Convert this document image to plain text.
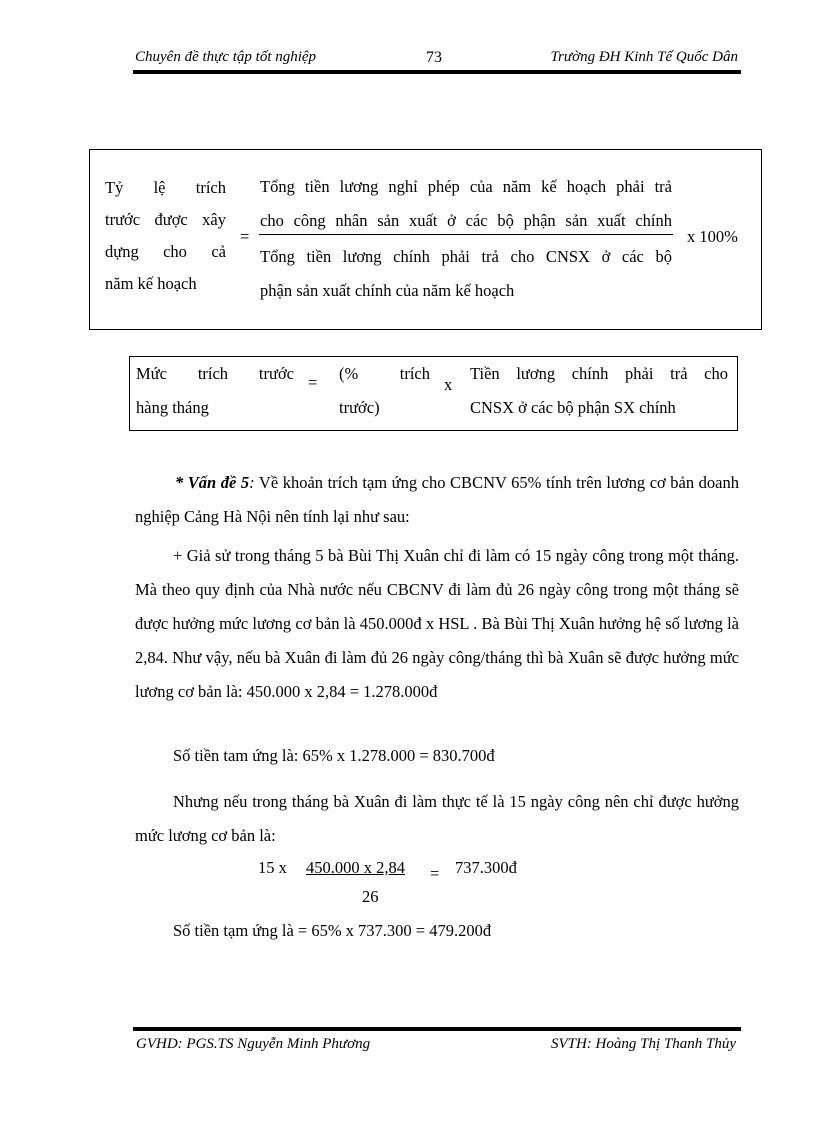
Chuyên đề thực tập tốt nghiệp	73	Trường ĐH Kinh Tế Quốc Dân
Tỷ lệ trích
trước được xây
dựng cho cả
năm kế hoạch
=
Tổng tiền lương nghỉ phép của năm kế hoạch phải trả
cho công nhân sản xuất ở các bộ phận sản xuất chính
Tổng tiền lương chính phải trả cho CNSX ở các bộ
phận sản xuất chính của năm kế hoạch
x 100%
Mức trích trước
hàng tháng
= (% trích
trước)
x
Tiền lương chính phải trả cho
CNSX ở các bộ phận SX chính

* Vấn đề 5: Về khoản trích tạm ứng cho CBCNV 65% tính trên lương cơ bản doanh nghiệp Cảng Hà Nội nên tính lại như sau:

+ Giả sử trong tháng 5 bà Bùi Thị Xuân chỉ đi làm có 15 ngày công trong một tháng. Mà theo quy định của Nhà nước nếu CBCNV đi làm đủ 26 ngày công trong một tháng sẽ được hưởng mức lương cơ bản là 450.000đ x HSL . Bà Bùi Thị Xuân hưởng hệ số lương là 2,84. Như vậy, nếu bà Xuân đi làm đủ 26 ngày công/tháng thì bà Xuân sẽ được hưởng mức lương cơ bản là: 450.000 x 2,84 = 1.278.000đ

Số tiền tam ứng là: 65% x 1.278.000 = 830.700đ

Nhưng nếu trong tháng bà Xuân đi làm thực tế là 15 ngày công nên chỉ được hưởng mức lương cơ bản là:

15 x 450.000 x 2,84 = 737.300đ
26

Số tiền tạm ứng là = 65% x 737.300 = 479.200đ

GVHD: PGS.TS Nguyễn Minh Phương	SVTH: Hoàng Thị Thanh Thủy
